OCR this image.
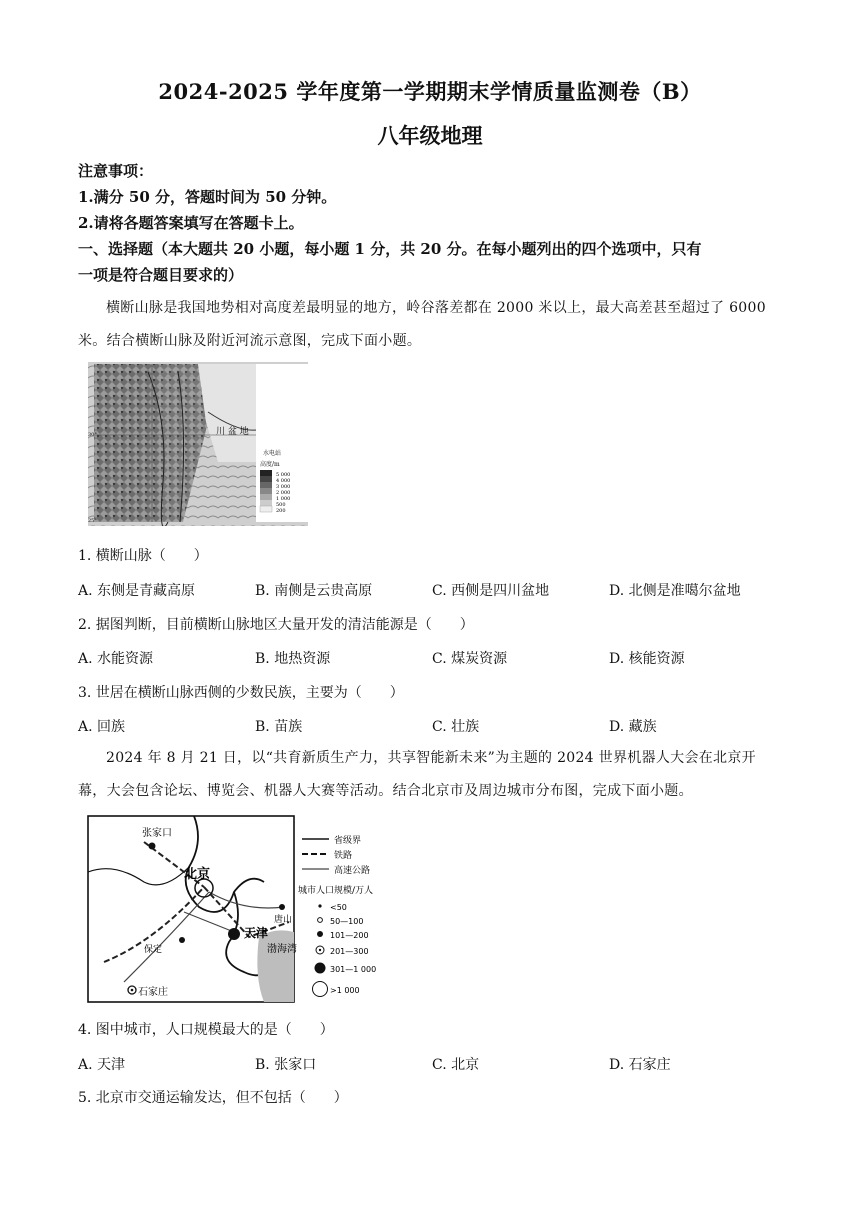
2024-2025 学年度第一学期期末学情质量监测卷（B）
八年级地理
注意事项：
1.满分 50 分，答题时间为 50 分钟。
2.请将各题答案填写在答题卡上。
一、选择题（本大题共 20 小题，每小题 1 分，共 20 分。在每小题列出的四个选项中，只有
一项是符合题目要求的）
横断山脉是我国地势相对高度差最明显的地方，岭谷落差都在 2000 米以上，最大高差甚至超过了 6000
米。结合横断山脉及附近河流示意图，完成下面小题。
川 盆 地
30°
25°
水电站
高度/m
5 000
4 000
3 000
2 000
1 000
500
200
1. 横断山脉（　　）
A. 东侧是青藏高原	B. 南侧是云贵高原	C. 西侧是四川盆地	D. 北侧是准噶尔盆地
2. 据图判断，目前横断山脉地区大量开发的清洁能源是（　　）
A. 水能资源	B. 地热资源	C. 煤炭资源	D. 核能资源
3. 世居在横断山脉西侧的少数民族，主要为（　　）
A. 回族	B. 苗族	C. 壮族	D. 藏族
2024 年 8 月 21 日，以“共育新质生产力，共享智能新未来”为主题的 2024 世界机器人大会在北京开
幕，大会包含论坛、博览会、机器人大赛等活动。结合北京市及周边城市分布图，完成下面小题。
张家口
北京
天津
唐山
保定
石家庄
渤海湾
省级界
铁路
高速公路
城市人口规模/万人
<50
50—100
101—200
201—300
301—1 000
>1 000
4. 图中城市，人口规模最大的是（　　）
A. 天津	B. 张家口	C. 北京	D. 石家庄
5. 北京市交通运输发达，但不包括（　　）
